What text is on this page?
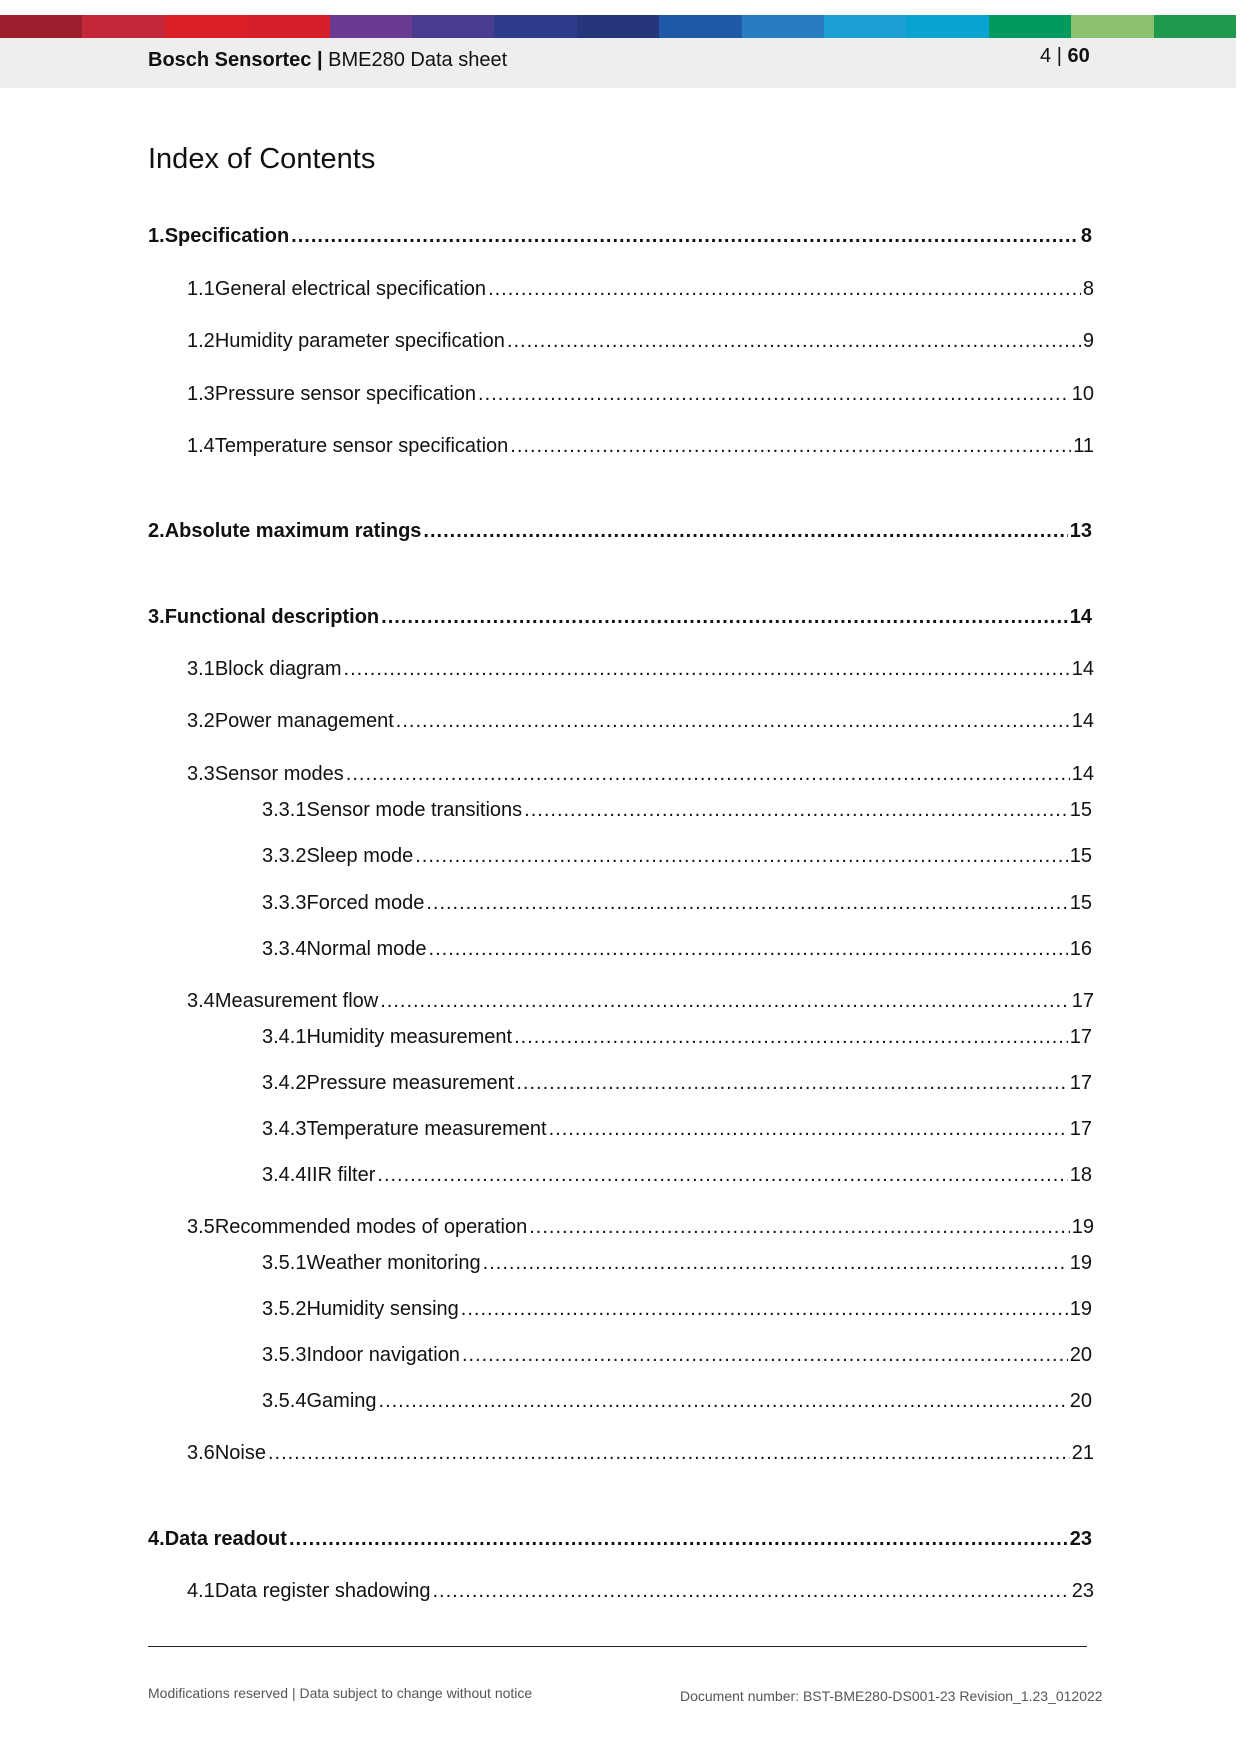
Bosch Sensortec | BME280 Data sheet	4 | 60
Index of Contents
1. Specification .....	8
1.1 General electrical specification .....	8
1.2 Humidity parameter specification .....	9
1.3 Pressure sensor specification .....	10
1.4 Temperature sensor specification .....	11
2. Absolute maximum ratings .....	13
3. Functional description .....	14
3.1 Block diagram .....	14
3.2 Power management .....	14
3.3 Sensor modes .....	14
3.3.1 Sensor mode transitions .....	15
3.3.2 Sleep mode .....	15
3.3.3 Forced mode .....	15
3.3.4 Normal mode .....	16
3.4 Measurement flow .....	17
3.4.1 Humidity measurement .....	17
3.4.2 Pressure measurement .....	17
3.4.3 Temperature measurement .....	17
3.4.4 IIR filter .....	18
3.5 Recommended modes of operation .....	19
3.5.1 Weather monitoring .....	19
3.5.2 Humidity sensing .....	19
3.5.3 Indoor navigation .....	20
3.5.4 Gaming .....	20
3.6 Noise .....	21
4. Data readout .....	23
4.1 Data register shadowing .....	23
Modifications reserved | Data subject to change without notice	Document number: BST-BME280-DS001-23 Revision_1.23_012022
